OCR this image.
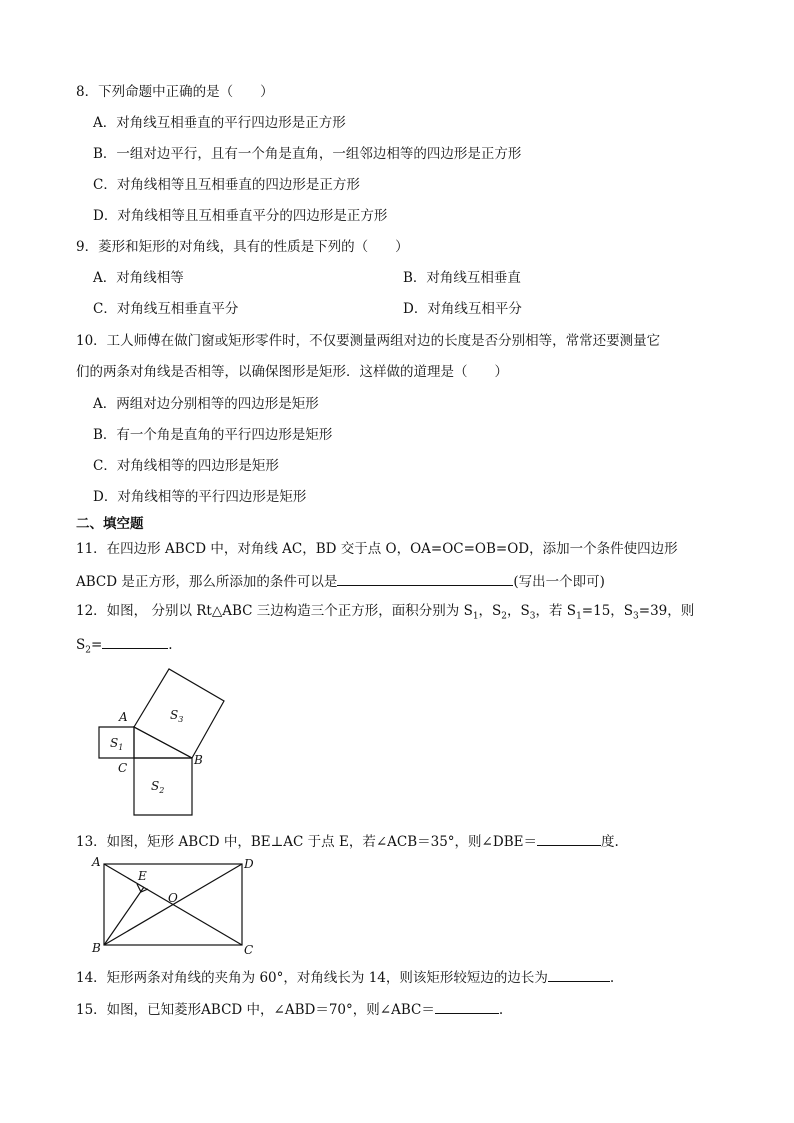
8．下列命题中正确的是（　　）
A．对角线互相垂直的平行四边形是正方形
B．一组对边平行，且有一个角是直角，一组邻边相等的四边形是正方形
C．对角线相等且互相垂直的四边形是正方形
D．对角线相等且互相垂直平分的四边形是正方形
9．菱形和矩形的对角线，具有的性质是下列的（　　）
A．对角线相等	B．对角线互相垂直
C．对角线互相垂直平分	D．对角线互相平分
10．工人师傅在做门窗或矩形零件时，不仅要测量两组对边的长度是否分别相等，常常还要测量它
们的两条对角线是否相等，以确保图形是矩形．这样做的道理是（　　）
A．两组对边分别相等的四边形是矩形
B．有一个角是直角的平行四边形是矩形
C．对角线相等的四边形是矩形
D．对角线相等的平行四边形是矩形
二、填空题
11．在四边形 ABCD 中，对角线 AC，BD 交于点 O，OA=OC=OB=OD，添加一个条件使四边形
ABCD 是正方形，那么所添加的条件可以是	(写出一个即可)
12．如图， 分别以 Rt△ABC 三边构造三个正方形，面积分别为 $S_1$，$S_2$，$S_3$，若 $S_1=15$，$S_3=39$，则
$S_2=$	.
A
B
C
$S_1$
$S_2$
$S_3$
13．如图，矩形 ABCD 中，BE⊥AC 于点 E，若∠ACB＝35°，则∠DBE＝	度.
A	D
B	C
E
O
14．矩形两条对角线的夹角为 60°，对角线长为 14，则该矩形较短边的边长为	.
15．如图，已知菱形ABCD 中，∠ABD＝70°，则∠ABC＝	.
